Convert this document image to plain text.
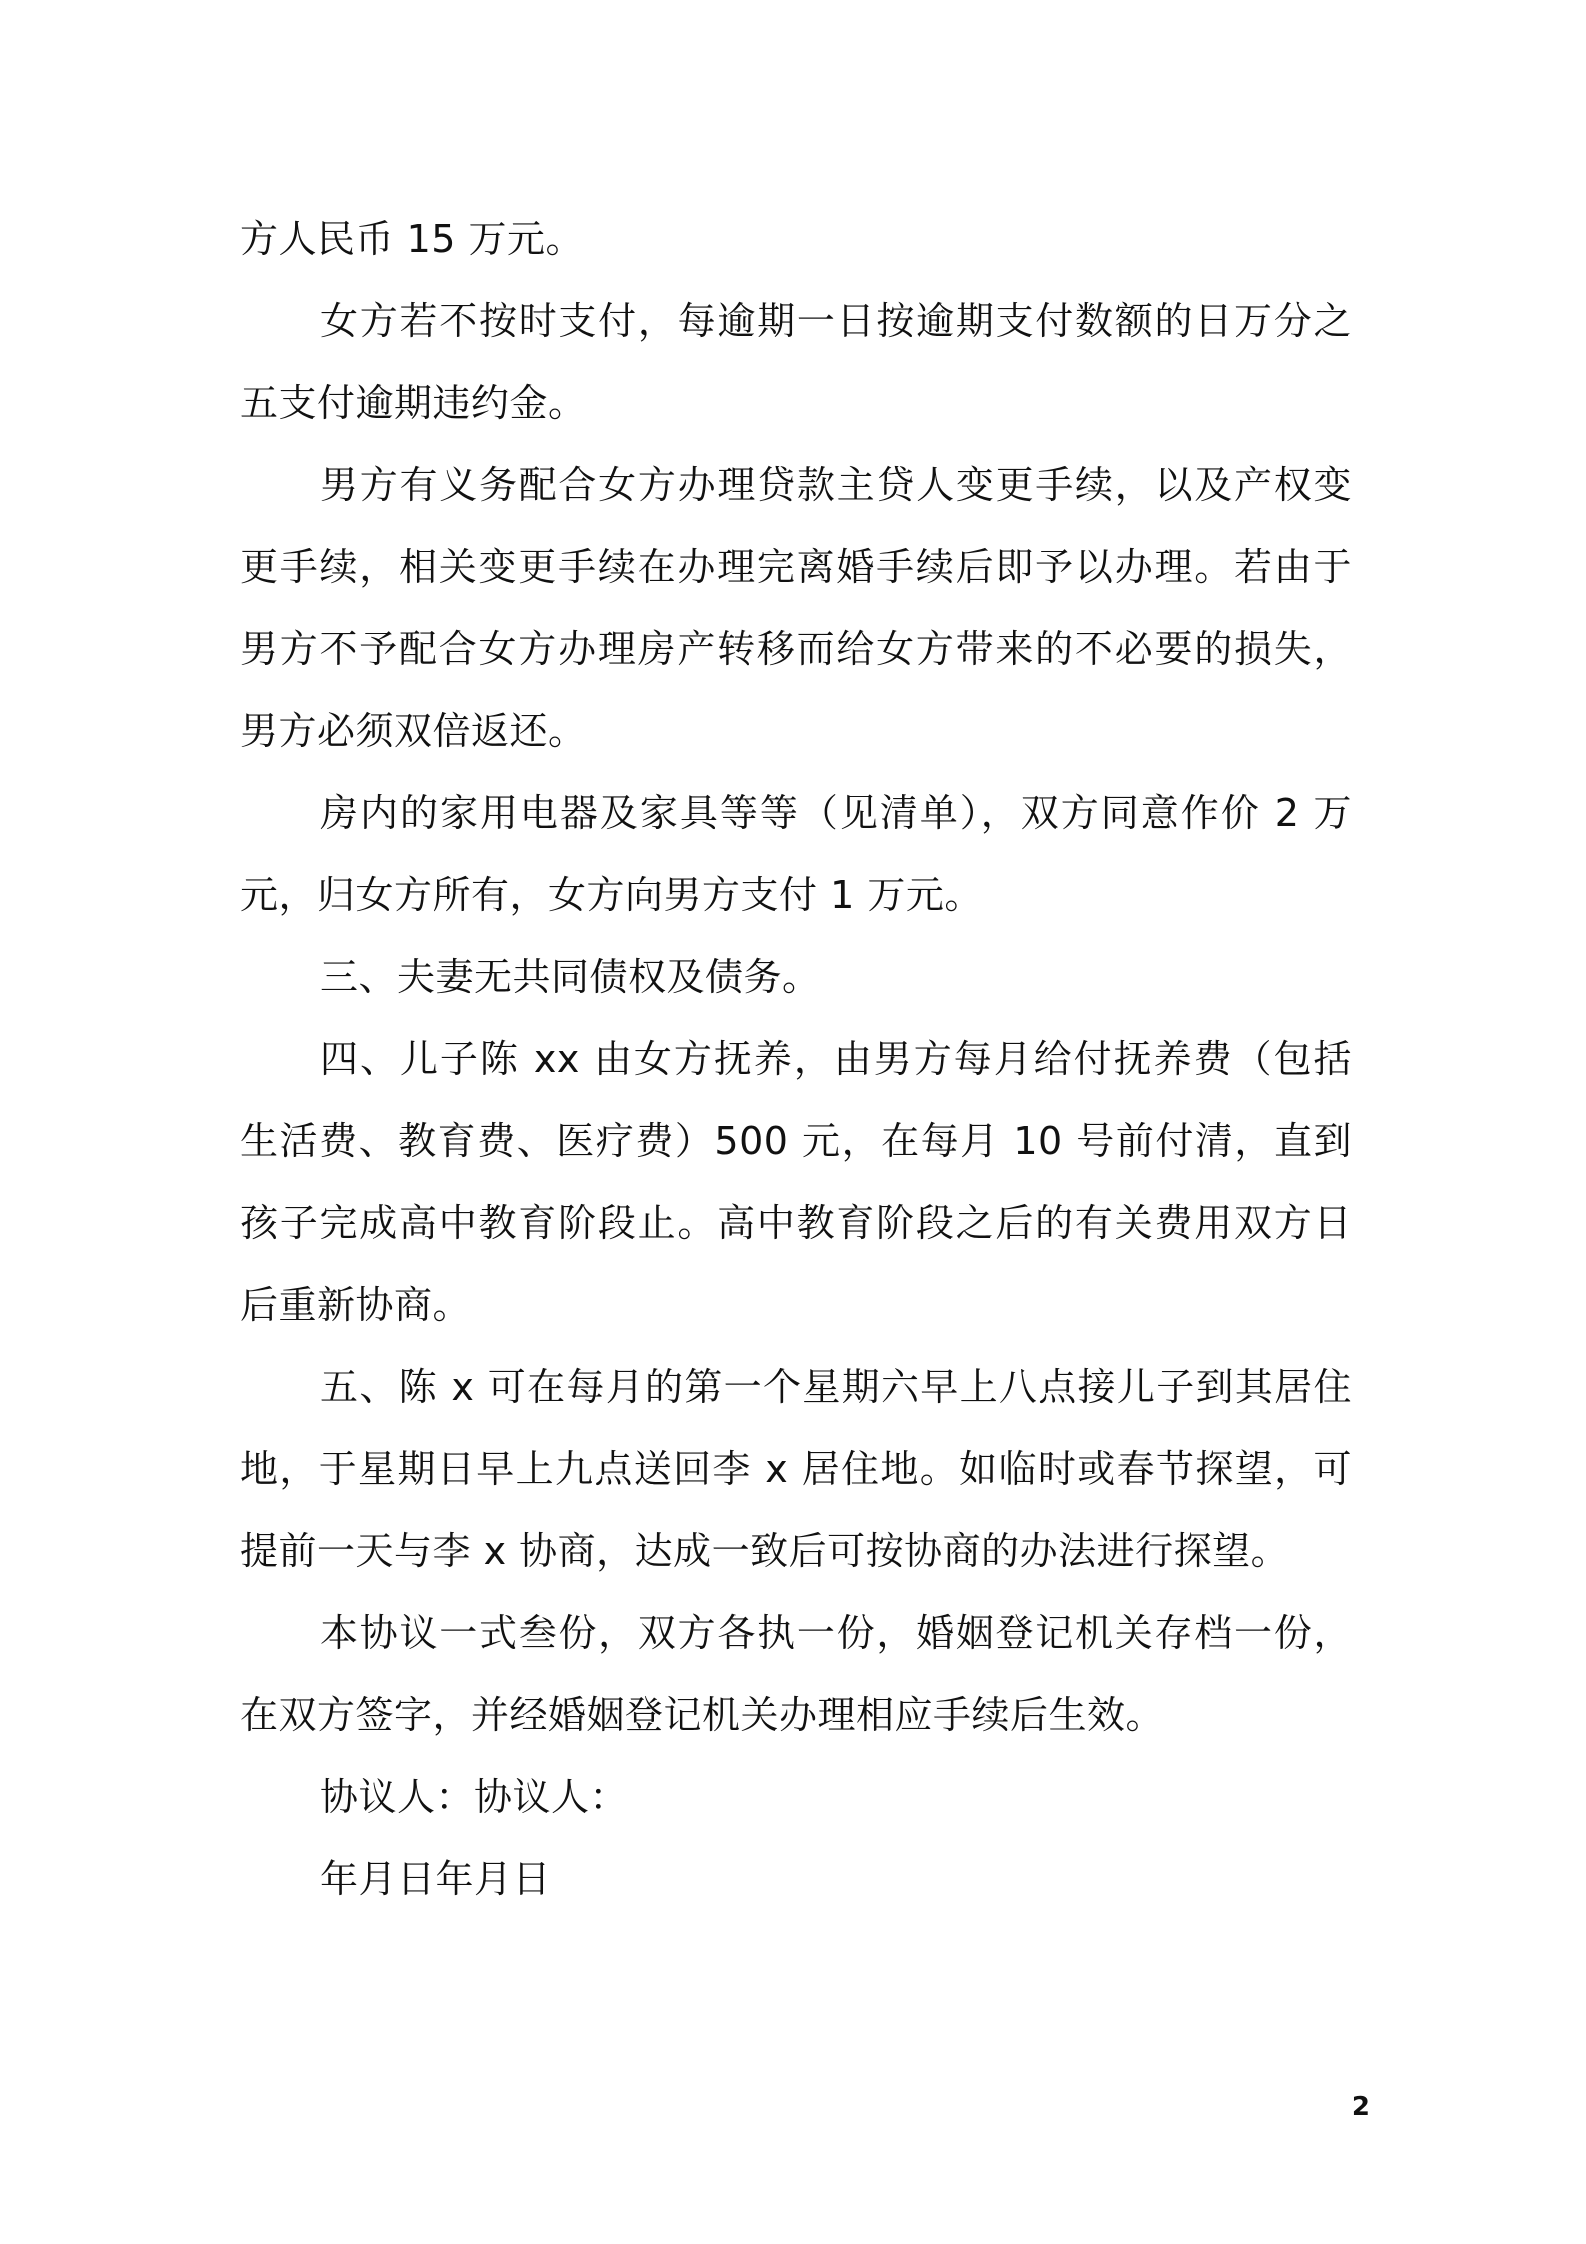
方人民币 15 万元。

女方若不按时支付，每逾期一日按逾期支付数额的日万分之五支付逾期违约金。

男方有义务配合女方办理贷款主贷人变更手续，以及产权变更手续，相关变更手续在办理完离婚手续后即予以办理。若由于男方不予配合女方办理房产转移而给女方带来的不必要的损失，男方必须双倍返还。

房内的家用电器及家具等等（见清单），双方同意作价 2 万元，归女方所有，女方向男方支付 1 万元。

三、夫妻无共同债权及债务。

四、儿子陈 xx 由女方抚养，由男方每月给付抚养费（包括生活费、教育费、医疗费）500 元，在每月 10 号前付清，直到孩子完成高中教育阶段止。高中教育阶段之后的有关费用双方日后重新协商。

五、陈 x 可在每月的第一个星期六早上八点接儿子到其居住地，于星期日早上九点送回李 x 居住地。如临时或春节探望，可提前一天与李 x 协商，达成一致后可按协商的办法进行探望。

本协议一式叁份，双方各执一份，婚姻登记机关存档一份，在双方签字，并经婚姻登记机关办理相应手续后生效。

协议人：协议人：

年月日年月日

2
